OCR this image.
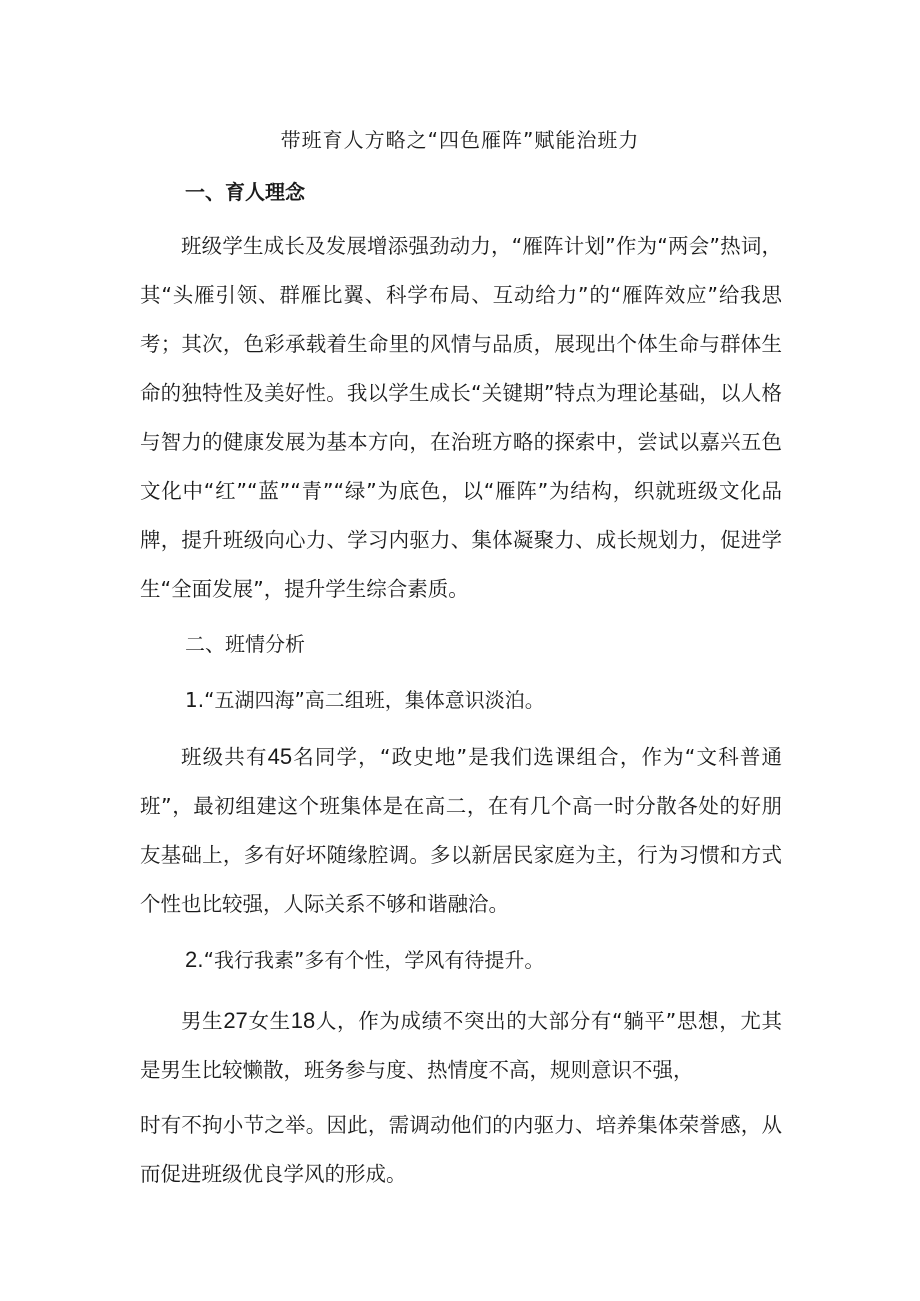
带班育人方略之“四色雁阵”赋能治班力
一、育人理念

班级学生成长及发展增添强劲动力，“雁阵计划”作为“两会”热词，其“头雁引领、群雁比翼、科学布局、互动给力”的“雁阵效应”给我思考；其次，色彩承载着生命里的风情与品质，展现出个体生命与群体生命的独特性及美好性。我以学生成长“关键期”特点为理论基础，以人格与智力的健康发展为基本方向，在治班方略的探索中，尝试以嘉兴五色文化中“红”“蓝”“青”“绿”为底色，以“雁阵”为结构，织就班级文化品牌，提升班级向心力、学习内驱力、集体凝聚力、成长规划力，促进学生“全面发展”，提升学生综合素质。

二、班情分析
1.“五湖四海”高二组班，集体意识淡泊。

班级共有45名同学，“政史地”是我们选课组合，作为“文科普通班”，最初组建这个班集体是在高二，在有几个高一时分散各处的好朋友基础上，多有好坏随缘腔调。多以新居民家庭为主，行为习惯和方式个性也比较强，人际关系不够和谐融洽。

2.“我行我素”多有个性，学风有待提升。

男生27女生18人，作为成绩不突出的大部分有“躺平”思想，尤其是男生比较懒散，班务参与度、热情度不高，规则意识不强，

时有不拘小节之举。因此，需调动他们的内驱力、培养集体荣誉感，从而促进班级优良学风的形成。
